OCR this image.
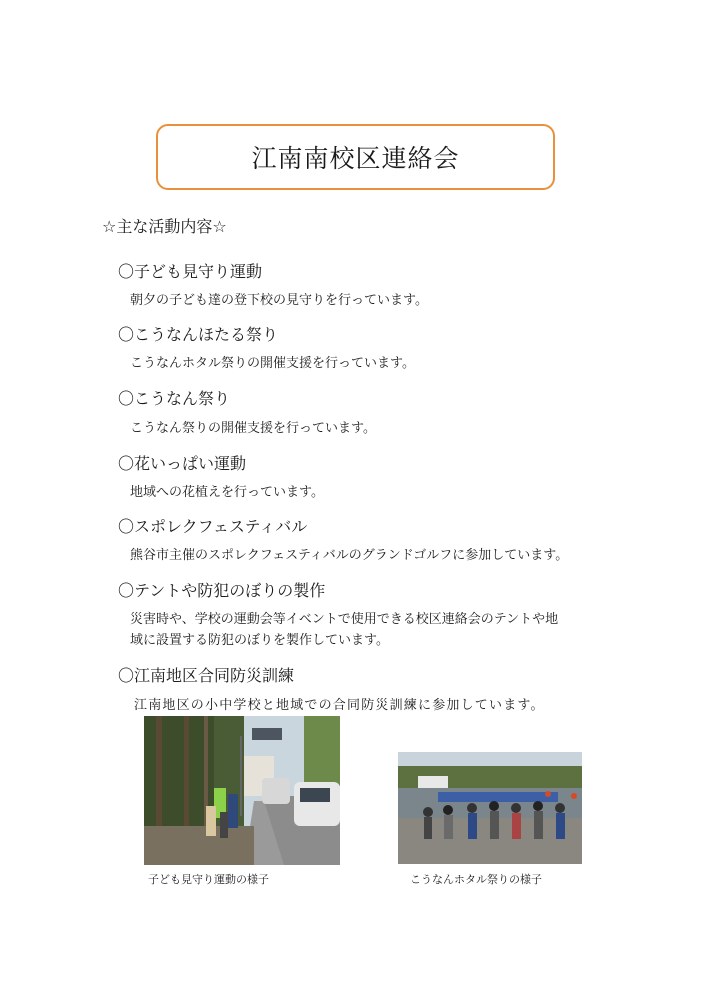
江南南校区連絡会
☆主な活動内容☆
〇子ども見守り運動
朝夕の子ども達の登下校の見守りを行っています。
〇こうなんほたる祭り
こうなんホタル祭りの開催支援を行っています。
〇こうなん祭り
こうなん祭りの開催支援を行っています。
〇花いっぱい運動
地域への花植えを行っています。
〇スポレクフェスティバル
熊谷市主催のスポレクフェスティバルのグランドゴルフに参加しています。
〇テントや防犯のぼりの製作
災害時や、学校の運動会等イベントで使用できる校区連絡会のテントや地
域に設置する防犯のぼりを製作しています。
〇江南地区合同防災訓練
江南地区の小中学校と地域での合同防災訓練に参加しています。
子ども見守り運動の様子	こうなんホタル祭りの様子
